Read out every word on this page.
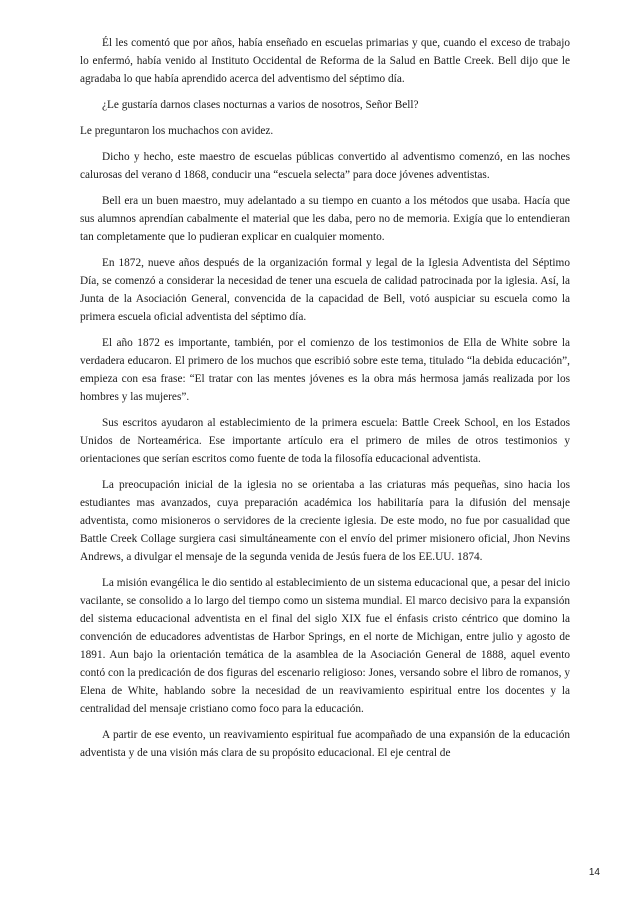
Él les comentó que por años, había enseñado en escuelas primarias y que, cuando el exceso de trabajo lo enfermó, había venido al Instituto Occidental de Reforma de la Salud en Battle Creek. Bell dijo que le agradaba lo que había aprendido acerca del adventismo del séptimo día.

¿Le gustaría darnos clases nocturnas a varios de nosotros, Señor Bell?

Le preguntaron los muchachos con avidez.

Dicho y hecho, este maestro de escuelas públicas convertido al adventismo comenzó, en las noches calurosas del verano d 1868, conducir una “escuela selecta” para doce jóvenes adventistas.

Bell era un buen maestro, muy adelantado a su tiempo en cuanto a los métodos que usaba. Hacía que sus alumnos aprendían cabalmente el material que les daba, pero no de memoria. Exigía que lo entendieran tan completamente que lo pudieran explicar en cualquier momento.

En 1872, nueve años después de la organización formal y legal de la Iglesia Adventista del Séptimo Día, se comenzó a considerar la necesidad de tener una escuela de calidad patrocinada por la iglesia. Así, la Junta de la Asociación General, convencida de la capacidad de Bell, votó auspiciar su escuela como la primera escuela oficial adventista del séptimo día.

El año 1872 es importante, también, por el comienzo de los testimonios de Ella de White sobre la verdadera educaron. El primero de los muchos que escribió sobre este tema, titulado “la debida educación”, empieza con esa frase: “El tratar con las mentes jóvenes es la obra más hermosa jamás realizada por los hombres y las mujeres”.

Sus escritos ayudaron al establecimiento de la primera escuela: Battle Creek School, en los Estados Unidos de Norteamérica. Ese importante artículo era el primero de miles de otros testimonios y orientaciones que serían escritos como fuente de toda la filosofía educacional adventista.

La preocupación inicial de la iglesia no se orientaba a las criaturas más pequeñas, sino hacia los estudiantes mas avanzados, cuya preparación académica los habilitaría para la difusión del mensaje adventista, como misioneros o servidores de la creciente iglesia. De este modo, no fue por casualidad que Battle Creek Collage surgiera casi simultáneamente con el envío del primer misionero oficial, Jhon Nevins Andrews, a divulgar el mensaje de la segunda venida de Jesús fuera de los EE.UU. 1874.

La misión evangélica le dio sentido al establecimiento de un sistema educacional que, a pesar del inicio vacilante, se consolido a lo largo del tiempo como un sistema mundial. El marco decisivo para la expansión del sistema educacional adventista en el final del siglo XIX fue el énfasis cristo céntrico que domino la convención de educadores adventistas de Harbor Springs, en el norte de Michigan, entre julio y agosto de 1891. Aun bajo la orientación temática de la asamblea de la Asociación General de 1888, aquel evento contó con la predicación de dos figuras del escenario religioso: Jones, versando sobre el libro de romanos, y Elena de White, hablando sobre la necesidad de un reavivamiento espiritual entre los docentes y la centralidad del mensaje cristiano como foco para la educación.

A partir de ese evento, un reavivamiento espiritual fue acompañado de una expansión de la educación adventista y de una visión más clara de su propósito educacional. El eje central de

14
